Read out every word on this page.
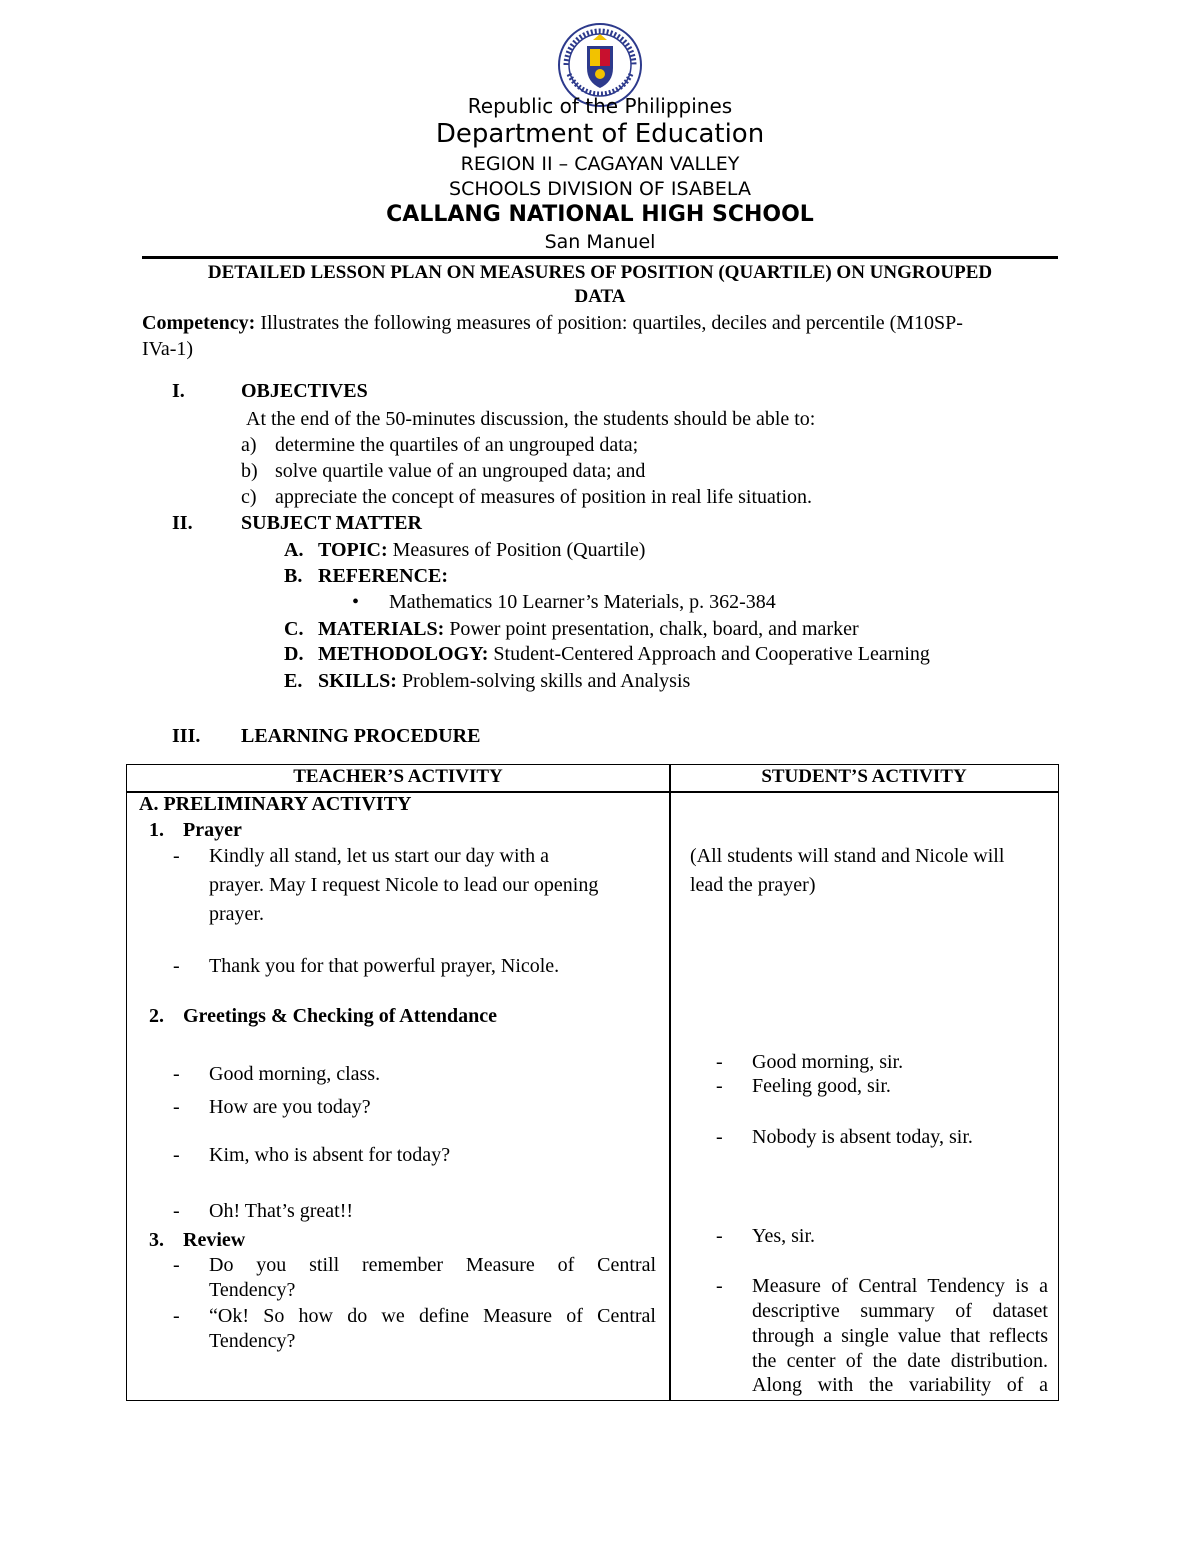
Republic of the Philippines
Department of Education
REGION II – CAGAYAN VALLEY
SCHOOLS DIVISION OF ISABELA
CALLANG NATIONAL HIGH SCHOOL
San Manuel
DETAILED LESSON PLAN ON MEASURES OF POSITION (QUARTILE) ON UNGROUPED
DATA
Competency: Illustrates the following measures of position: quartiles, deciles and percentile (M10SP-
IVa-1)
I.	OBJECTIVES
At the end of the 50-minutes discussion, the students should be able to:
a) determine the quartiles of an ungrouped data;
b) solve quartile value of an ungrouped data; and
c) appreciate the concept of measures of position in real life situation.
II. SUBJECT MATTER
A. TOPIC: Measures of Position (Quartile)
B. REFERENCE:
• Mathematics 10 Learner’s Materials, p. 362-384
C. MATERIALS: Power point presentation, chalk, board, and marker
D. METHODOLOGY: Student-Centered Approach and Cooperative Learning
E. SKILLS: Problem-solving skills and Analysis
III. LEARNING PROCEDURE
TEACHER’S ACTIVITY	STUDENT’S ACTIVITY
A. PRELIMINARY ACTIVITY
1. Prayer
- Kindly all stand, let us start our day with a
prayer. May I request Nicole to lead our opening
prayer.
- Thank you for that powerful prayer, Nicole.
2. Greetings & Checking of Attendance
- Good morning, class.
- How are you today?
- Kim, who is absent for today?
- Oh! That’s great!!
3. Review
- Do you still remember Measure of Central
Tendency?
- “Ok! So how do we define Measure of Central
Tendency?
(All students will stand and Nicole will
lead the prayer)
- Good morning, sir.
- Feeling good, sir.
- Nobody is absent today, sir.
- Yes, sir.
- Measure of Central Tendency is a
descriptive summary of dataset
through a single value that reflects
the center of the date distribution.
Along with the variability of a
